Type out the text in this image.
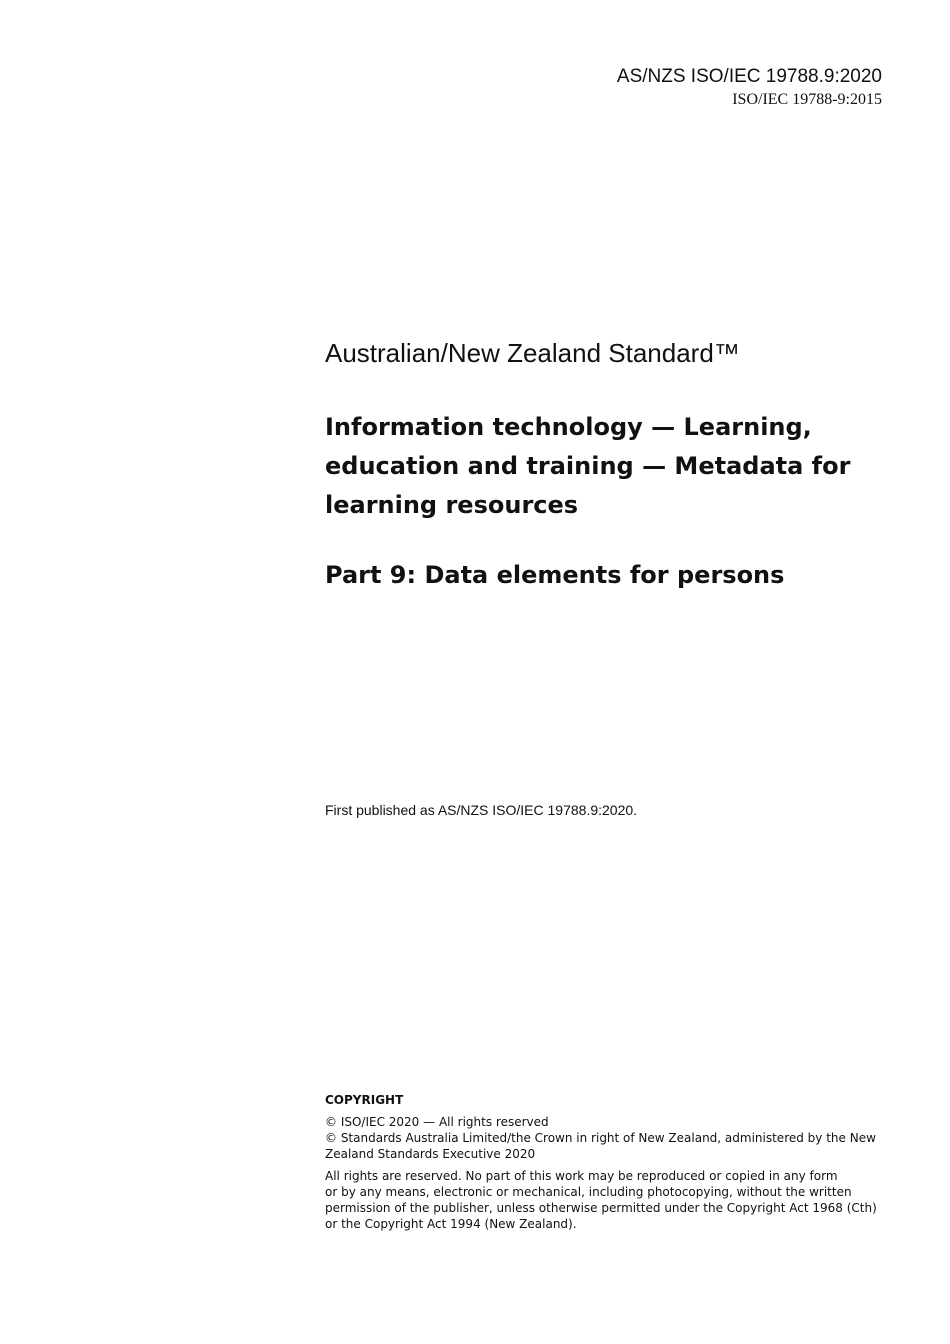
AS/NZS ISO/IEC 19788.9:2020
ISO/IEC 19788-9:2015
Australian/New Zealand Standard™
Information technology — Learning,
education and training — Metadata for
learning resources
Part 9: Data elements for persons
First published as AS/NZS ISO/IEC 19788.9:2020.

COPYRIGHT

© ISO/IEC 2020 — All rights reserved

© Standards Australia Limited/the Crown in right of New Zealand, administered by the New Zealand Standards Executive 2020

All rights are reserved. No part of this work may be reproduced or copied in any form
or by any means, electronic or mechanical, including photocopying, without the written
permission of the publisher, unless otherwise permitted under the Copyright Act 1968 (Cth)
or the Copyright Act 1994 (New Zealand).
